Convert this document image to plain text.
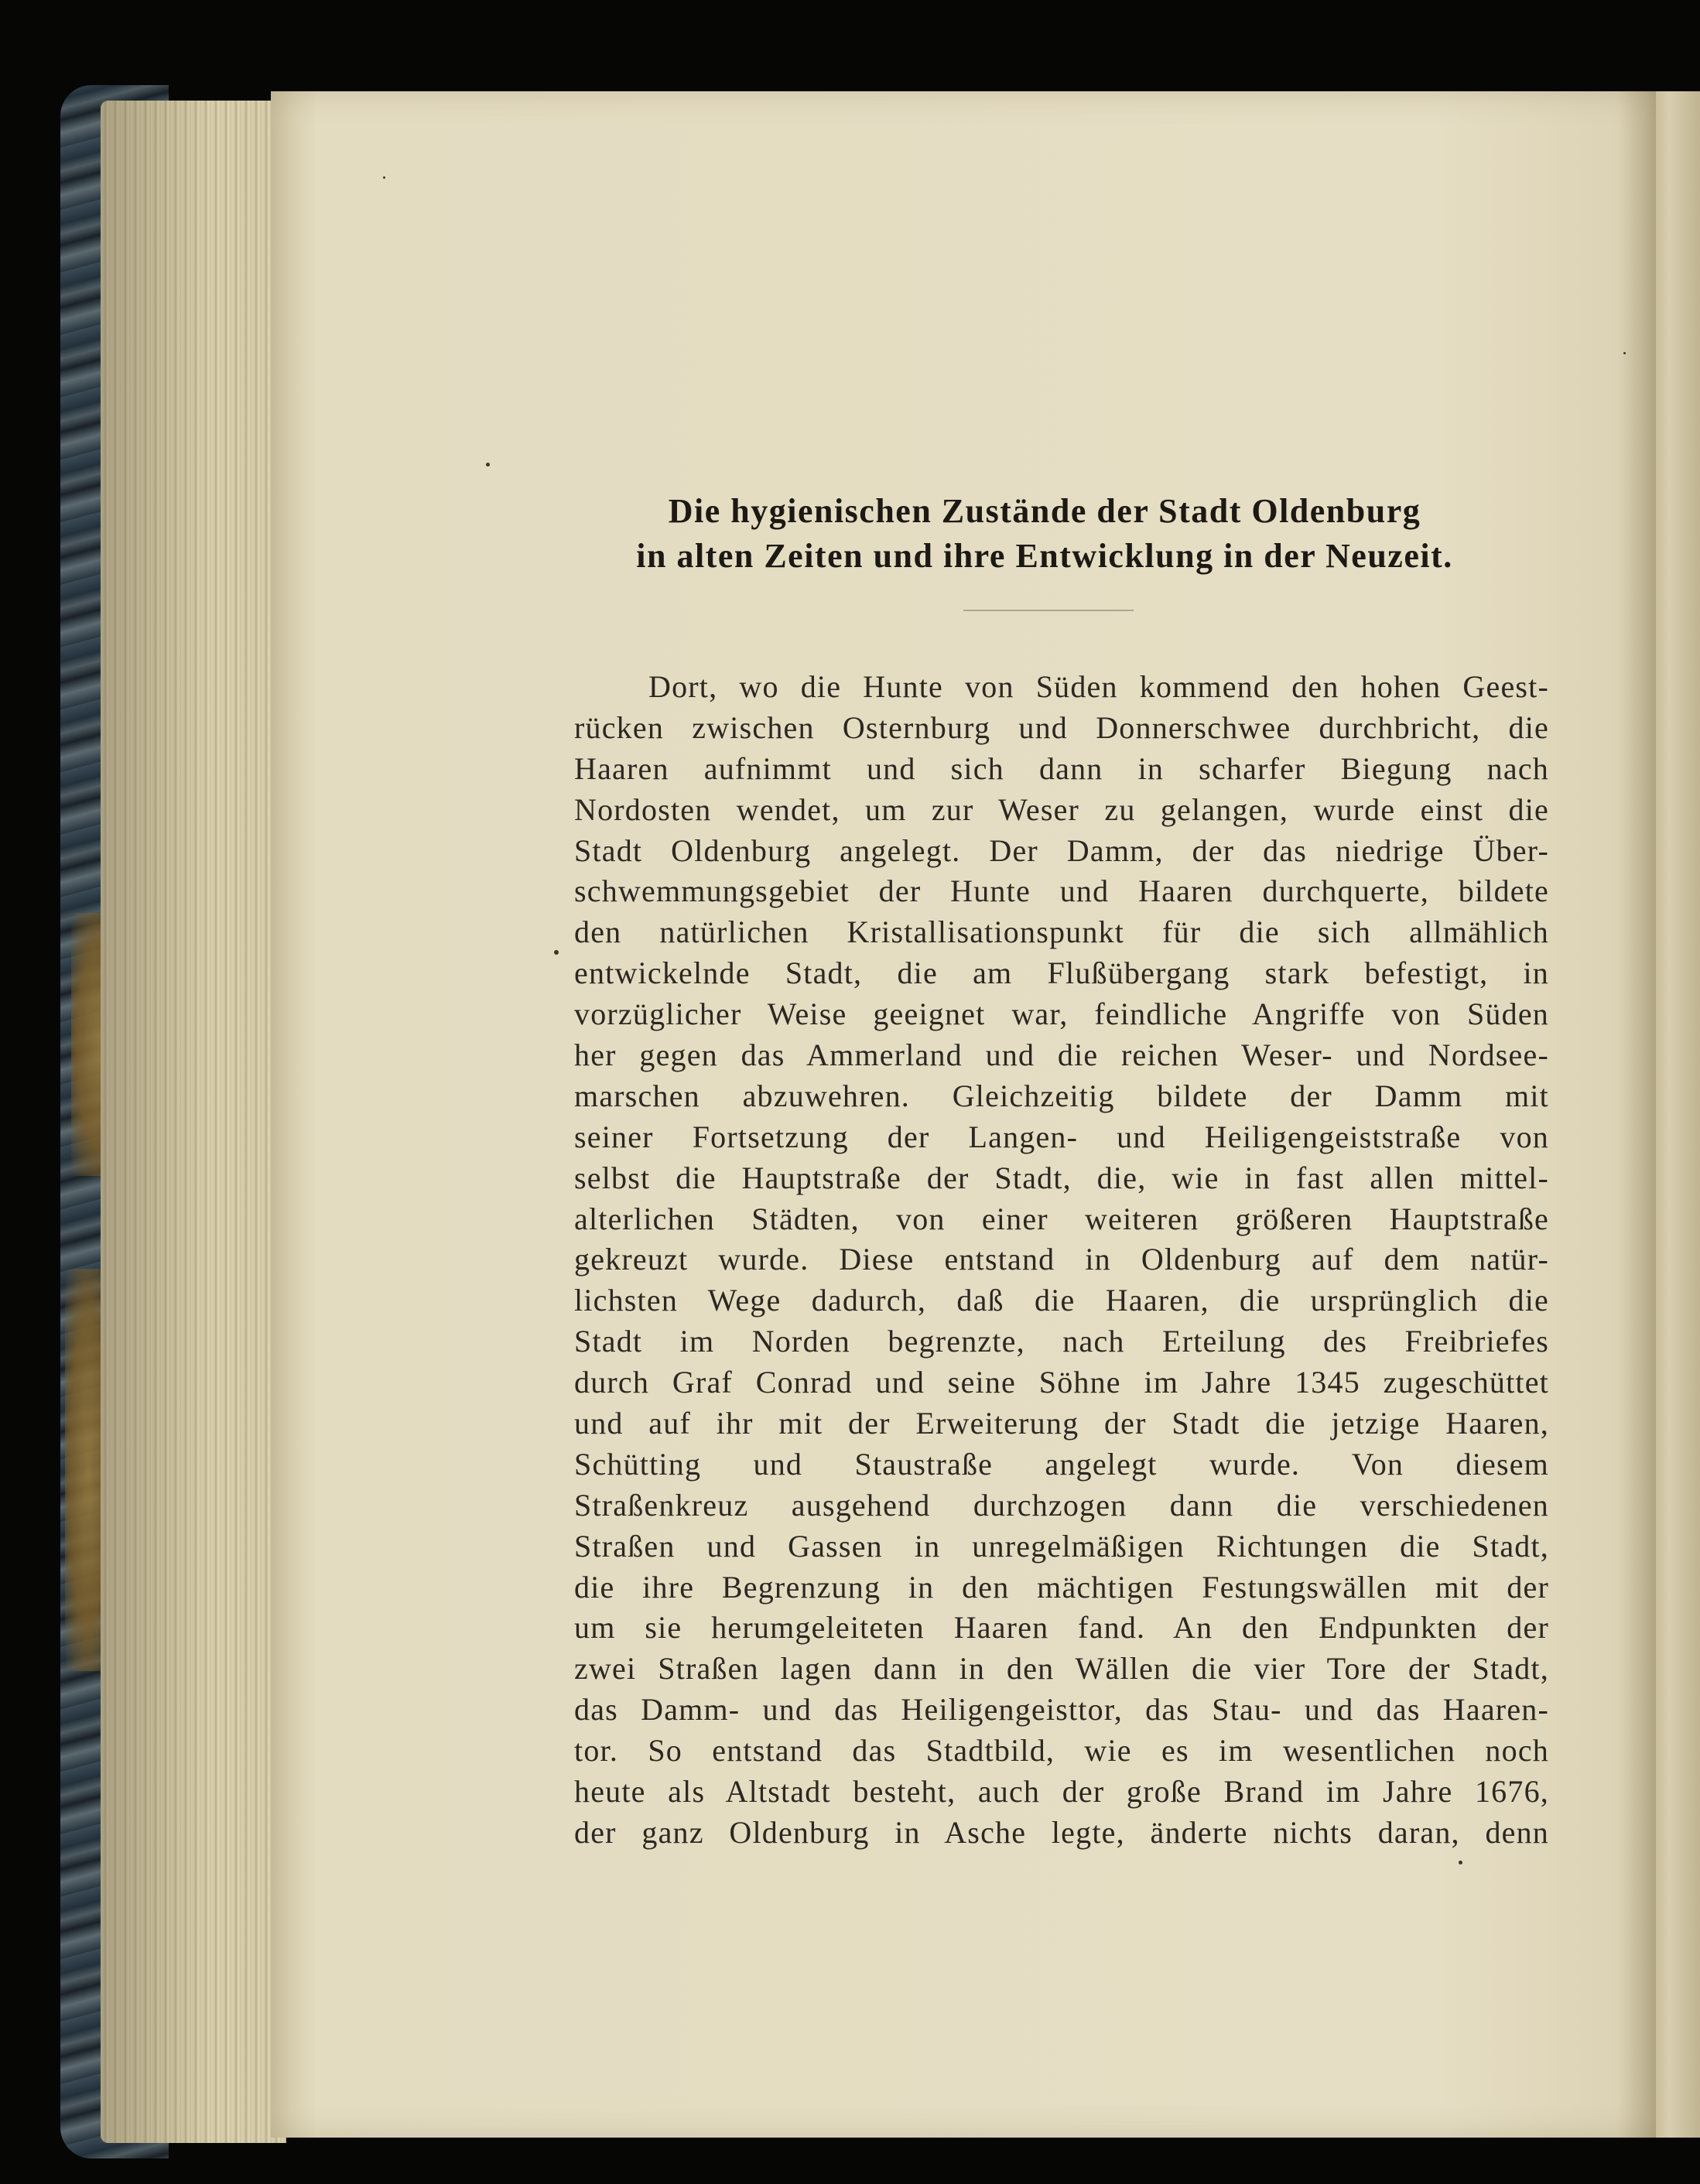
Die hygienischen Zustände der Stadt Oldenburg
in alten Zeiten und ihre Entwicklung in der Neuzeit.
Dort, wo die Hunte von Süden kommend den hohen Geest-
rücken zwischen Osternburg und Donnerschwee durchbricht, die
Haaren aufnimmt und sich dann in scharfer Biegung nach
Nordosten wendet, um zur Weser zu gelangen, wurde einst die
Stadt Oldenburg angelegt. Der Damm, der das niedrige Über-
schwemmungsgebiet der Hunte und Haaren durchquerte, bildete
den natürlichen Kristallisationspunkt für die sich allmählich
entwickelnde Stadt, die am Flußübergang stark befestigt, in
vorzüglicher Weise geeignet war, feindliche Angriffe von Süden
her gegen das Ammerland und die reichen Weser- und Nordsee-
marschen abzuwehren. Gleichzeitig bildete der Damm mit
seiner Fortsetzung der Langen- und Heiligengeiststraße von
selbst die Hauptstraße der Stadt, die, wie in fast allen mittel-
alterlichen Städten, von einer weiteren größeren Hauptstraße
gekreuzt wurde. Diese entstand in Oldenburg auf dem natür-
lichsten Wege dadurch, daß die Haaren, die ursprünglich die
Stadt im Norden begrenzte, nach Erteilung des Freibriefes
durch Graf Conrad und seine Söhne im Jahre 1345 zugeschüttet
und auf ihr mit der Erweiterung der Stadt die jetzige Haaren,
Schütting und Staustraße angelegt wurde. Von diesem
Straßenkreuz ausgehend durchzogen dann die verschiedenen
Straßen und Gassen in unregelmäßigen Richtungen die Stadt,
die ihre Begrenzung in den mächtigen Festungswällen mit der
um sie herumgeleiteten Haaren fand. An den Endpunkten der
zwei Straßen lagen dann in den Wällen die vier Tore der Stadt,
das Damm- und das Heiligengeisttor, das Stau- und das Haaren-
tor. So entstand das Stadtbild, wie es im wesentlichen noch
heute als Altstadt besteht, auch der große Brand im Jahre 1676,
der ganz Oldenburg in Asche legte, änderte nichts daran, denn
